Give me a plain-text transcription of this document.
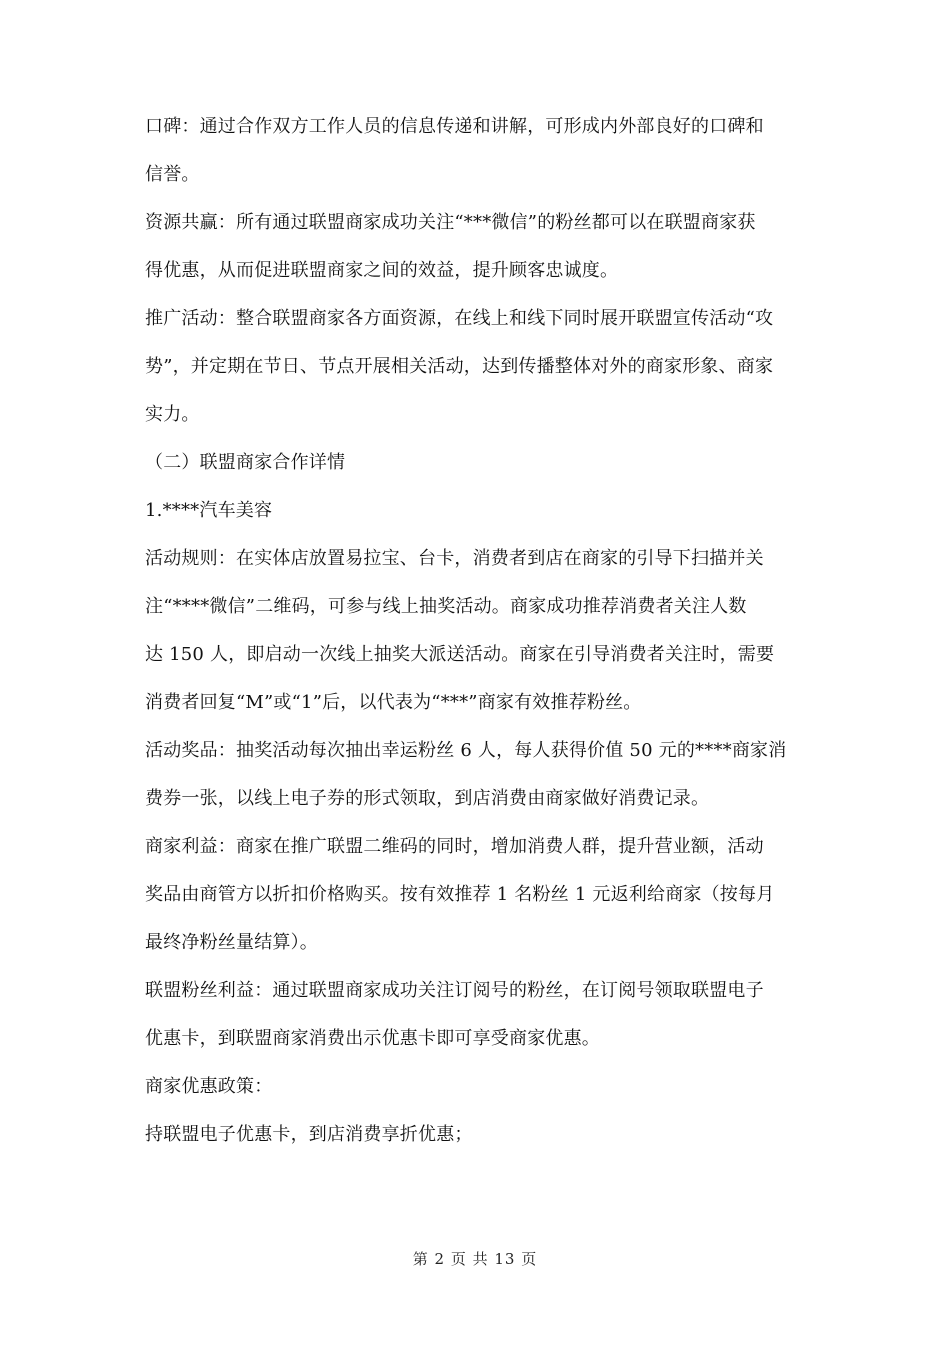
口碑：通过合作双方工作人员的信息传递和讲解，可形成内外部良好的口碑和
信誉。

资源共赢：所有通过联盟商家成功关注“***微信”的粉丝都可以在联盟商家获
得优惠，从而促进联盟商家之间的效益，提升顾客忠诚度。

推广活动：整合联盟商家各方面资源，在线上和线下同时展开联盟宣传活动“攻
势”，并定期在节日、节点开展相关活动，达到传播整体对外的商家形象、商家
实力。

（二）联盟商家合作详情

1.****汽车美容

活动规则：在实体店放置易拉宝、台卡，消费者到店在商家的引导下扫描并关
注“****微信”二维码，可参与线上抽奖活动。商家成功推荐消费者关注人数
达 150 人，即启动一次线上抽奖大派送活动。商家在引导消费者关注时，需要
消费者回复“M”或“1”后，以代表为“***”商家有效推荐粉丝。

活动奖品：抽奖活动每次抽出幸运粉丝 6 人，每人获得价值 50 元的****商家消
费券一张，以线上电子券的形式领取，到店消费由商家做好消费记录。

商家利益：商家在推广联盟二维码的同时，增加消费人群，提升营业额，活动
奖品由商管方以折扣价格购买。按有效推荐 1 名粉丝 1 元返利给商家（按每月
最终净粉丝量结算）。

联盟粉丝利益：通过联盟商家成功关注订阅号的粉丝，在订阅号领取联盟电子
优惠卡，到联盟商家消费出示优惠卡即可享受商家优惠。

商家优惠政策：

持联盟电子优惠卡，到店消费享折优惠；

第 2 页 共 13 页
